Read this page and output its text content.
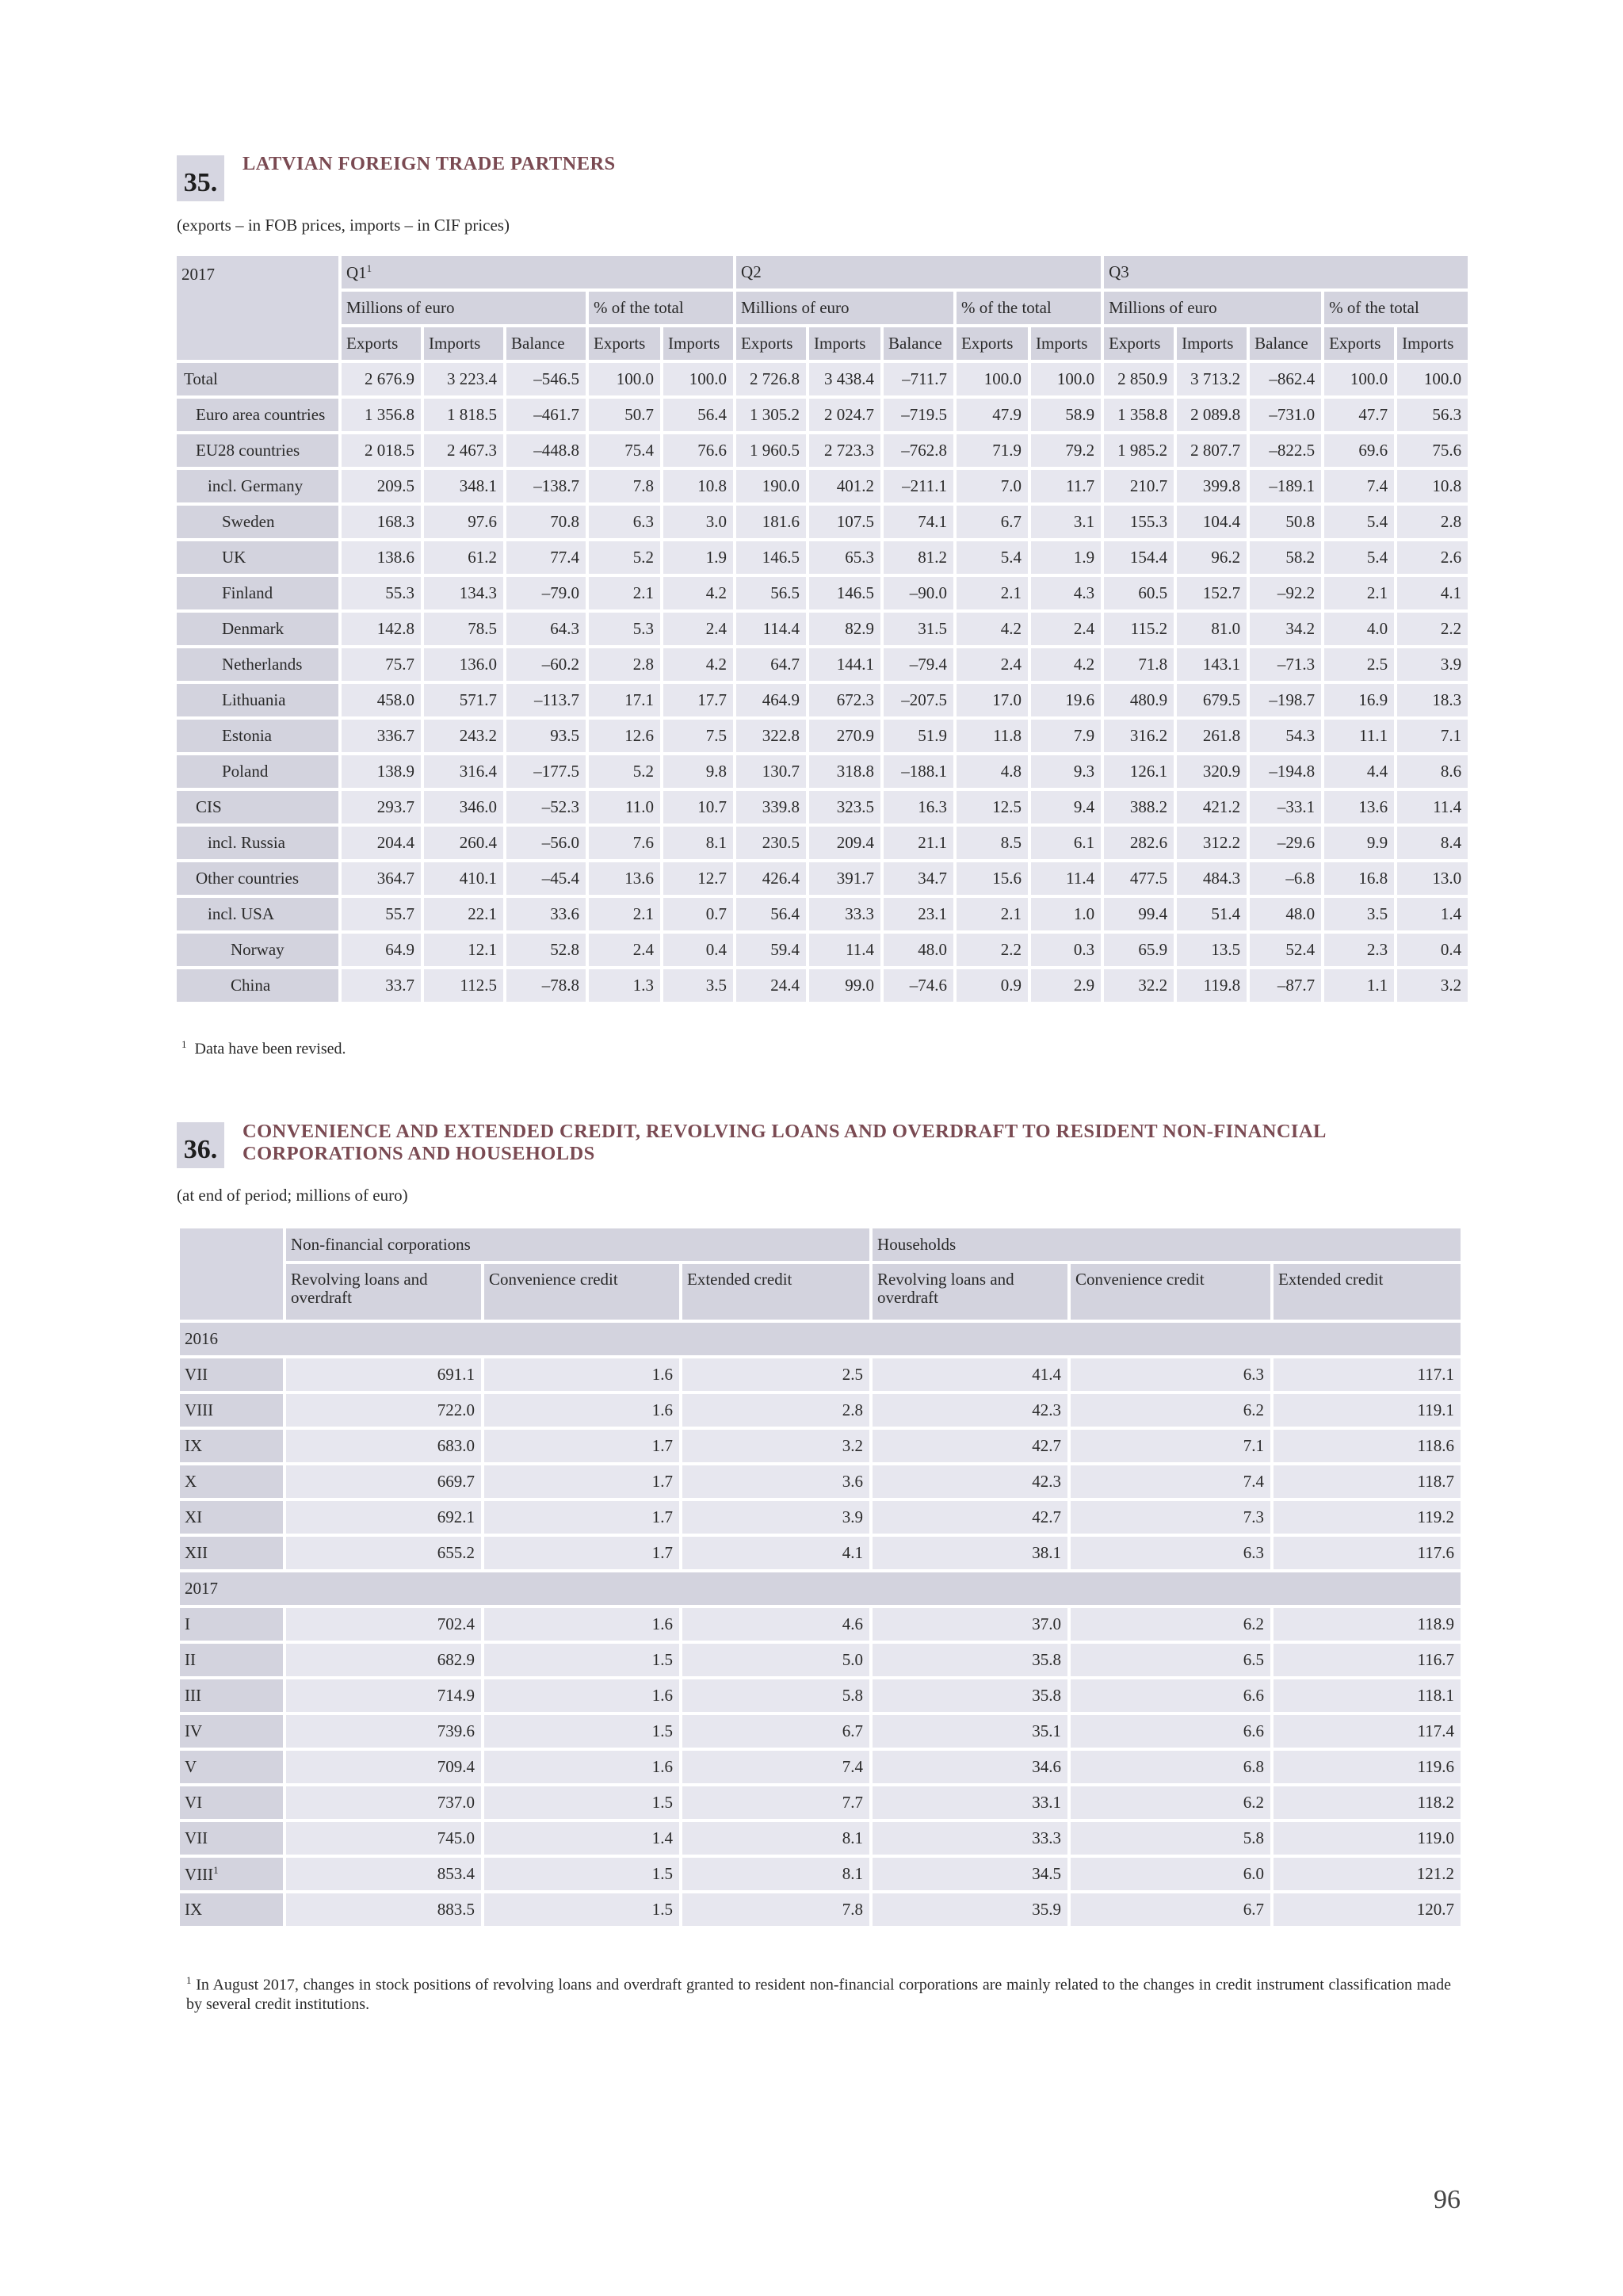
35.
LATVIAN FOREIGN TRADE PARTNERS
(exports – in FOB prices, imports – in CIF prices)
2017	$Q1^1$					Q2					Q3				
	Millions of euro			% of the total		Millions of euro			% of the total		Millions of euro			% of the total	
	Exports	Imports	Balance	Exports	Imports	Exports	Imports	Balance	Exports	Imports	Exports	Imports	Balance	Exports	Imports
Total	2 676.9	3 223.4	–546.5	100.0	100.0	2 726.8	3 438.4	–711.7	100.0	100.0	2 850.9	3 713.2	–862.4	100.0	100.0
Euro area countries	1 356.8	1 818.5	–461.7	50.7	56.4	1 305.2	2 024.7	–719.5	47.9	58.9	1 358.8	2 089.8	–731.0	47.7	56.3
EU28 countries	2 018.5	2 467.3	–448.8	75.4	76.6	1 960.5	2 723.3	–762.8	71.9	79.2	1 985.2	2 807.7	–822.5	69.6	75.6
incl. Germany	209.5	348.1	–138.7	7.8	10.8	190.0	401.2	–211.1	7.0	11.7	210.7	399.8	–189.1	7.4	10.8
Sweden	168.3	97.6	70.8	6.3	3.0	181.6	107.5	74.1	6.7	3.1	155.3	104.4	50.8	5.4	2.8
UK	138.6	61.2	77.4	5.2	1.9	146.5	65.3	81.2	5.4	1.9	154.4	96.2	58.2	5.4	2.6
Finland	55.3	134.3	–79.0	2.1	4.2	56.5	146.5	–90.0	2.1	4.3	60.5	152.7	–92.2	2.1	4.1
Denmark	142.8	78.5	64.3	5.3	2.4	114.4	82.9	31.5	4.2	2.4	115.2	81.0	34.2	4.0	2.2
Netherlands	75.7	136.0	–60.2	2.8	4.2	64.7	144.1	–79.4	2.4	4.2	71.8	143.1	–71.3	2.5	3.9
Lithuania	458.0	571.7	–113.7	17.1	17.7	464.9	672.3	–207.5	17.0	19.6	480.9	679.5	–198.7	16.9	18.3
Estonia	336.7	243.2	93.5	12.6	7.5	322.8	270.9	51.9	11.8	7.9	316.2	261.8	54.3	11.1	7.1
Poland	138.9	316.4	–177.5	5.2	9.8	130.7	318.8	–188.1	4.8	9.3	126.1	320.9	–194.8	4.4	8.6
CIS	293.7	346.0	–52.3	11.0	10.7	339.8	323.5	16.3	12.5	9.4	388.2	421.2	–33.1	13.6	11.4
incl. Russia	204.4	260.4	–56.0	7.6	8.1	230.5	209.4	21.1	8.5	6.1	282.6	312.2	–29.6	9.9	8.4
Other countries	364.7	410.1	–45.4	13.6	12.7	426.4	391.7	34.7	15.6	11.4	477.5	484.3	–6.8	16.8	13.0
incl. USA	55.7	22.1	33.6	2.1	0.7	56.4	33.3	23.1	2.1	1.0	99.4	51.4	48.0	3.5	1.4
Norway	64.9	12.1	52.8	2.4	0.4	59.4	11.4	48.0	2.2	0.3	65.9	13.5	52.4	2.3	0.4
China	33.7	112.5	–78.8	1.3	3.5	24.4	99.0	–74.6	0.9	2.9	32.2	119.8	–87.7	1.1	3.2
$^1$ Data have been revised.
36.
CONVENIENCE AND EXTENDED CREDIT, REVOLVING LOANS AND OVERDRAFT TO RESIDENT NON-FINANCIAL
CORPORATIONS AND HOUSEHOLDS
(at end of period; millions of euro)
	Non-financial corporations			Households		
	Revolving loans and overdraft	Convenience credit	Extended credit	Revolving loans and overdraft	Convenience credit	Extended credit
2016						
VII	691.1	1.6	2.5	41.4	6.3	117.1
VIII	722.0	1.6	2.8	42.3	6.2	119.1
IX	683.0	1.7	3.2	42.7	7.1	118.6
X	669.7	1.7	3.6	42.3	7.4	118.7
XI	692.1	1.7	3.9	42.7	7.3	119.2
XII	655.2	1.7	4.1	38.1	6.3	117.6
2017						
I	702.4	1.6	4.6	37.0	6.2	118.9
II	682.9	1.5	5.0	35.8	6.5	116.7
III	714.9	1.6	5.8	35.8	6.6	118.1
IV	739.6	1.5	6.7	35.1	6.6	117.4
V	709.4	1.6	7.4	34.6	6.8	119.6
VI	737.0	1.5	7.7	33.1	6.2	118.2
VII	745.0	1.4	8.1	33.3	5.8	119.0
VIII$^1$	853.4	1.5	8.1	34.5	6.0	121.2
IX	883.5	1.5	7.8	35.9	6.7	120.7
$^1$ In August 2017, changes in stock positions of revolving loans and overdraft granted to resident non-financial corporations are mainly related to the changes in credit instrument classification made by several credit institutions.
96
